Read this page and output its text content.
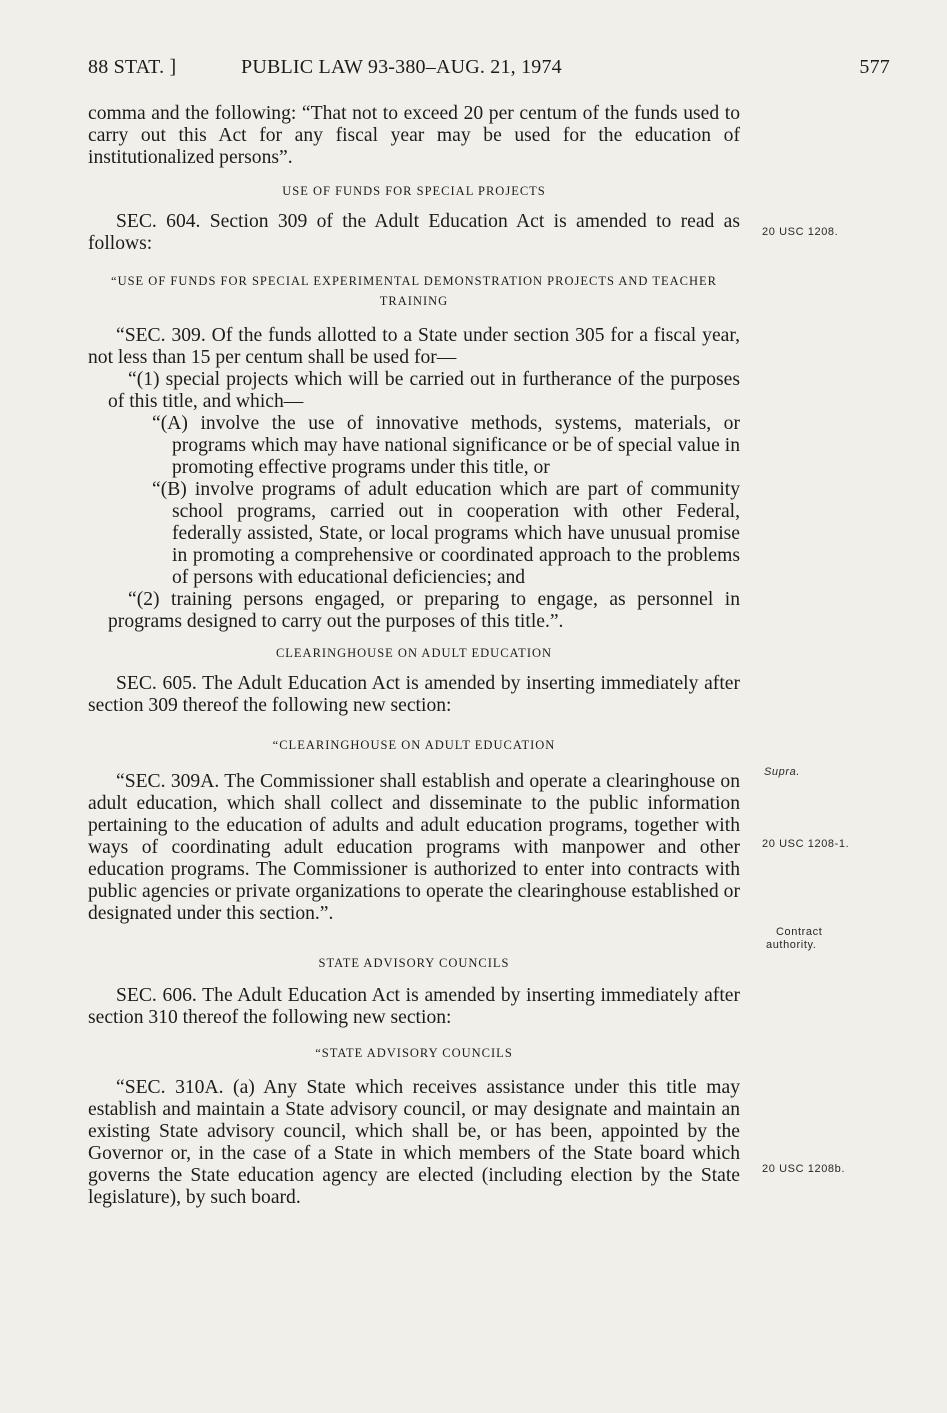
88 STAT. ]	PUBLIC LAW 93-380–AUG. 21, 1974	577

comma and the following: “That not to exceed 20 per centum of the funds used to carry out this Act for any fiscal year may be used for the education of institutionalized persons”.

USE OF FUNDS FOR SPECIAL PROJECTS

SEC. 604. Section 309 of the Adult Education Act is amended to read as follows:

“USE OF FUNDS FOR SPECIAL EXPERIMENTAL DEMONSTRATION PROJECTS AND TEACHER TRAINING

“SEC. 309. Of the funds allotted to a State under section 305 for a fiscal year, not less than 15 per centum shall be used for—

“(1) special projects which will be carried out in furtherance of the purposes of this title, and which—

“(A) involve the use of innovative methods, systems, materials, or programs which may have national significance or be of special value in promoting effective programs under this title, or

“(B) involve programs of adult education which are part of community school programs, carried out in cooperation with other Federal, federally assisted, State, or local programs which have unusual promise in promoting a comprehensive or coordinated approach to the problems of persons with educational deficiencies; and

“(2) training persons engaged, or preparing to engage, as personnel in programs designed to carry out the purposes of this title.”.

CLEARINGHOUSE ON ADULT EDUCATION

SEC. 605. The Adult Education Act is amended by inserting immediately after section 309 thereof the following new section:

“CLEARINGHOUSE ON ADULT EDUCATION

“SEC. 309A. The Commissioner shall establish and operate a clearinghouse on adult education, which shall collect and disseminate to the public information pertaining to the education of adults and adult education programs, together with ways of coordinating adult education programs with manpower and other education programs. The Commissioner is authorized to enter into contracts with public agencies or private organizations to operate the clearinghouse established or designated under this section.”.

STATE ADVISORY COUNCILS

SEC. 606. The Adult Education Act is amended by inserting immediately after section 310 thereof the following new section:

“STATE ADVISORY COUNCILS

“SEC. 310A. (a) Any State which receives assistance under this title may establish and maintain a State advisory council, or may designate and maintain an existing State advisory council, which shall be, or has been, appointed by the Governor or, in the case of a State in which members of the State board which governs the State education agency are elected (including election by the State legislature), by such board.

20 USC 1208.
Supra.
20 USC 1208-1.
Contract
authority.
20 USC 1208b.
